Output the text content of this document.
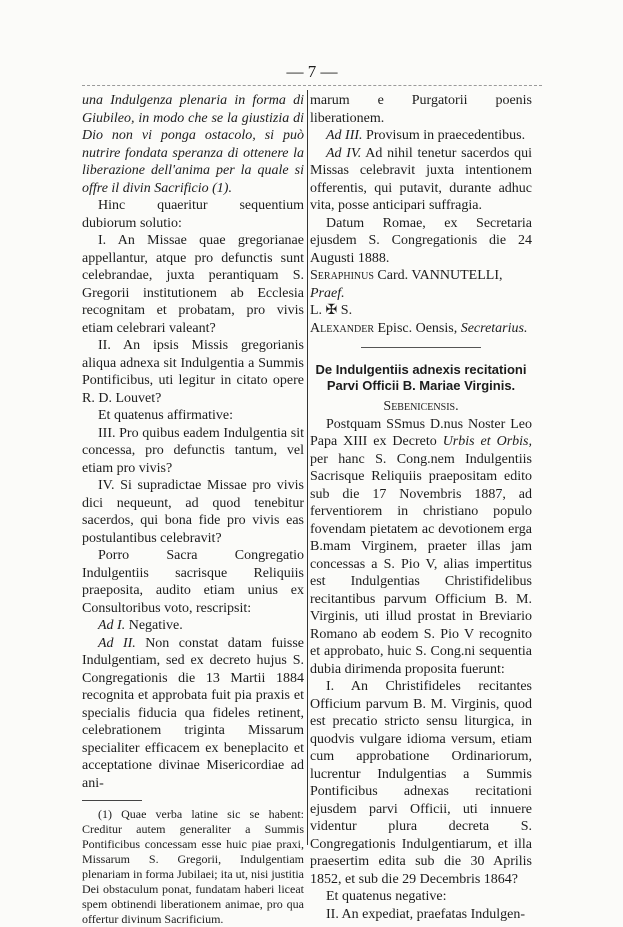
— 7 —

una Indulgenza plenaria in forma di Giubileo, in modo che se la giustizia di Dio non vi ponga ostacolo, si può nutrire fondata speranza di ottenere la liberazione dell'anima per la quale si offre il divin Sacrificio (1).

Hinc quaeritur sequentium dubiorum solutio:

I. An Missae quae gregorianae appellantur, atque pro defunctis sunt celebrandae, juxta perantiquam S. Gregorii institutionem ab Ecclesia recognitam et probatam, pro vivis etiam celebrari valeant?

II. An ipsis Missis gregorianis aliqua adnexa sit Indulgentia a Summis Pontificibus, uti legitur in citato opere R. D. Louvet?

Et quatenus affirmative:

III. Pro quibus eadem Indulgentia sit concessa, pro defunctis tantum, vel etiam pro vivis?

IV. Si supradictae Missae pro vivis dici nequeunt, ad quod tenebitur sacerdos, qui bona fide pro vivis eas postulantibus celebravit?

Porro Sacra Congregatio Indulgentiis sacrisque Reliquiis praeposita, audito etiam unius ex Consultoribus voto, rescripsit:

Ad I. Negative.

Ad II. Non constat datam fuisse Indulgentiam, sed ex decreto hujus S. Congregationis die 13 Martii 1884 recognita et approbata fuit pia praxis et specialis fiducia qua fideles retinent, celebrationem triginta Missarum specialiter efficacem ex beneplacito et acceptatione divinae Misericordiae ad ani-

(1) Quae verba latine sic se habent: Creditur autem generaliter a Summis Pontificibus concessam esse huic piae praxi, Missarum S. Gregorii, Indulgentiam plenariam in forma Jubilaei; ita ut, nisi justitia Dei obstaculum ponat, fundatam haberi liceat spem obtinendi liberationem animae, pro qua offertur divinum Sacrificium.

marum e Purgatorii poenis liberationem.

Ad III. Provisum in praecedentibus.

Ad IV. Ad nihil tenetur sacerdos qui Missas celebravit juxta intentionem offerentis, qui putavit, durante adhuc vita, posse anticipari suffragia.

Datum Romae, ex Secretaria ejusdem S. Congregationis die 24 Augusti 1888.

Seraphinus Card. VANNUTELLI, Praef.

L. ✠ S.

Alexander Episc. Oensis, Secretarius.

De Indulgentiis adnexis recitationi Parvi Officii B. Mariae Virginis.

Sebenicensis.

Postquam SSmus D.nus Noster Leo Papa XIII ex Decreto Urbis et Orbis, per hanc S. Cong.nem Indulgentiis Sacrisque Reliquiis praepositam edito sub die 17 Novembris 1887, ad ferventiorem in christiano populo fovendam pietatem ac devotionem erga B.mam Virginem, praeter illas jam concessas a S. Pio V, alias impertitus est Indulgentias Christifidelibus recitantibus parvum Officium B. M. Virginis, uti illud prostat in Breviario Romano ab eodem S. Pio V recognito et approbato, huic S. Cong.ni sequentia dubia dirimenda proposita fuerunt:

I. An Christifideles recitantes Officium parvum B. M. Virginis, quod est precatio stricto sensu liturgica, in quodvis vulgare idioma versum, etiam cum approbatione Ordinariorum, lucrentur Indulgentias a Summis Pontificibus adnexas recitationi ejusdem parvi Officii, uti innuere videntur plura decreta S. Congregationis Indulgentiarum, et illa praesertim edita sub die 30 Aprilis 1852, et sub die 29 Decembris 1864?

Et quatenus negative:

II. An expediat, praefatas Indulgen-
